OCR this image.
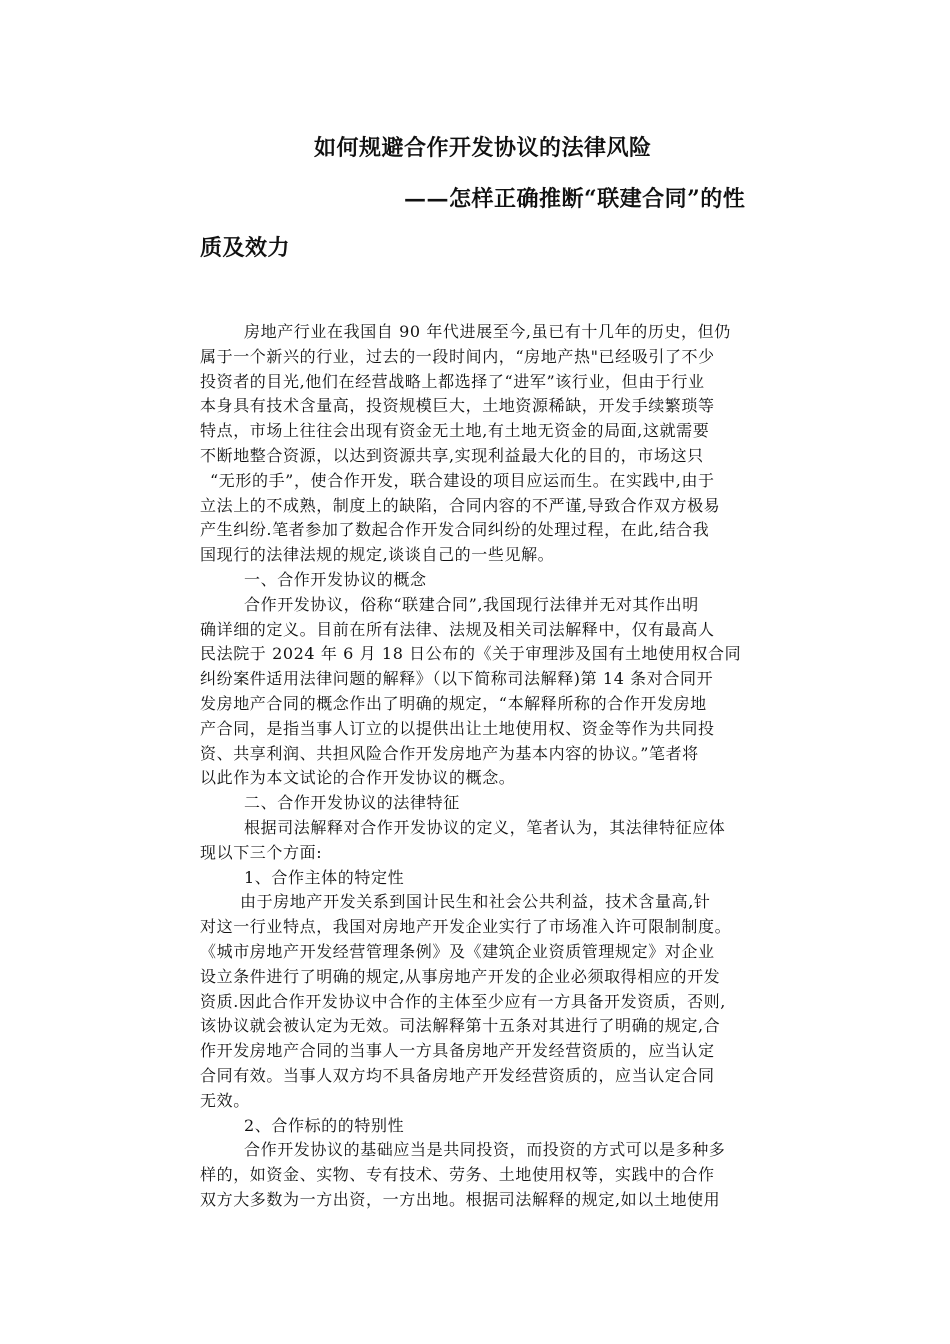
如何规避合作开发协议的法律风险
——怎样正确推断“联建合同”的性
质及效力
房地产行业在我国自 90 年代进展至今,虽已有十几年的历史，但仍
属于一个新兴的行业，过去的一段时间内，“房地产热"已经吸引了不少
投资者的目光,他们在经营战略上都选择了“进军”该行业，但由于行业
本身具有技术含量高，投资规模巨大，土地资源稀缺，开发手续繁琐等
特点，市场上往往会出现有资金无土地,有土地无资金的局面,这就需要
不断地整合资源，以达到资源共享,实现利益最大化的目的，市场这只
“无形的手”，使合作开发，联合建设的项目应运而生。在实践中,由于
立法上的不成熟，制度上的缺陷，合同内容的不严谨,导致合作双方极易
产生纠纷.笔者参加了数起合作开发合同纠纷的处理过程，在此,结合我
国现行的法律法规的规定,谈谈自己的一些见解。
一、合作开发协议的概念
合作开发协议，俗称“联建合同”,我国现行法律并无对其作出明
确详细的定义。目前在所有法律、法规及相关司法解释中，仅有最高人
民法院于 2024 年 6 月 18 日公布的《关于审理涉及国有土地使用权合同
纠纷案件适用法律问题的解释》（以下简称司法解释)第 14 条对合同开
发房地产合同的概念作出了明确的规定，“本解释所称的合作开发房地
产合同，是指当事人订立的以提供出让土地使用权、资金等作为共同投
资、共享利润、共担风险合作开发房地产为基本内容的协议。”笔者将
以此作为本文试论的合作开发协议的概念。
二、合作开发协议的法律特征
根据司法解释对合作开发协议的定义，笔者认为，其法律特征应体
现以下三个方面:
1、合作主体的特定性
由于房地产开发关系到国计民生和社会公共利益，技术含量高,针
对这一行业特点，我国对房地产开发企业实行了市场准入许可限制制度。
《城市房地产开发经营管理条例》及《建筑企业资质管理规定》对企业
设立条件进行了明确的规定,从事房地产开发的企业必须取得相应的开发
资质.因此合作开发协议中合作的主体至少应有一方具备开发资质，否则,
该协议就会被认定为无效。司法解释第十五条对其进行了明确的规定,合
作开发房地产合同的当事人一方具备房地产开发经营资质的，应当认定
合同有效。当事人双方均不具备房地产开发经营资质的，应当认定合同
无效。
2、合作标的的特别性
合作开发协议的基础应当是共同投资，而投资的方式可以是多种多
样的，如资金、实物、专有技术、劳务、土地使用权等，实践中的合作
双方大多数为一方出资，一方出地。根据司法解释的规定,如以土地使用
